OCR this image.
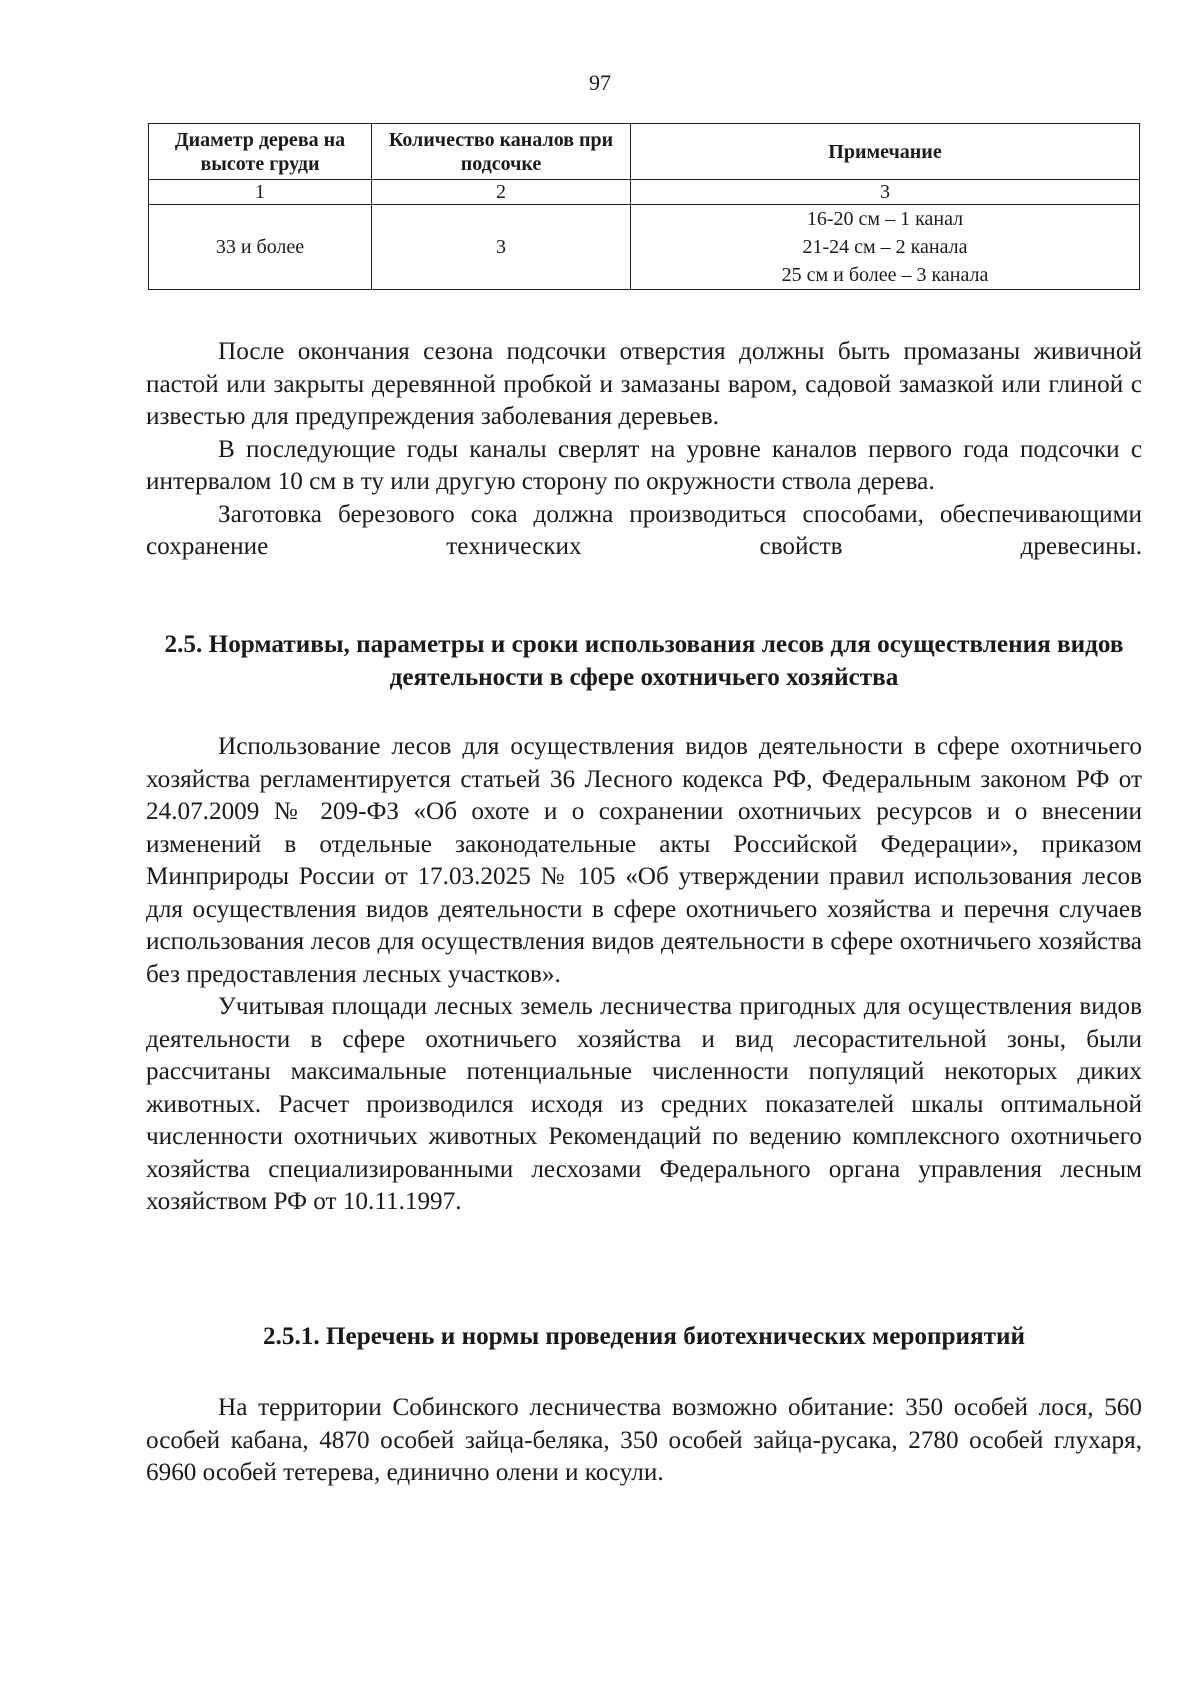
97
Диаметр дерева на высоте груди	Количество каналов при подсочке	Примечание
1	2	3
33 и более	3	16-20 см – 1 канал
21-24 см – 2 канала
25 см и более – 3 канала

После окончания сезона подсочки отверстия должны быть промазаны живичной пастой или закрыты деревянной пробкой и замазаны варом, садовой замазкой или глиной с известью для предупреждения заболевания деревьев.

В последующие годы каналы сверлят на уровне каналов первого года подсочки с интервалом 10 см в ту или другую сторону по окружности ствола дерева.

Заготовка березового сока должна производиться способами, обеспечивающими сохранение технических свойств древесины.

2.5. Нормативы, параметры и сроки использования лесов для осуществления видов деятельности в сфере охотничьего хозяйства

Использование лесов для осуществления видов деятельности в сфере охотничьего хозяйства регламентируется статьей 36 Лесного кодекса РФ, Федеральным законом РФ от 24.07.2009 № 209-ФЗ «Об охоте и о сохранении охотничьих ресурсов и о внесении изменений в отдельные законодательные акты Российской Федерации», приказом Минприроды России от 17.03.2025 № 105 «Об утверждении правил использования лесов для осуществления видов деятельности в сфере охотничьего хозяйства и перечня случаев использования лесов для осуществления видов деятельности в сфере охотничьего хозяйства без предоставления лесных участков».

Учитывая площади лесных земель лесничества пригодных для осуществления видов деятельности в сфере охотничьего хозяйства и вид лесорастительной зоны, были рассчитаны максимальные потенциальные численности популяций некоторых диких животных. Расчет производился исходя из средних показателей шкалы оптимальной численности охотничьих животных Рекомендаций по ведению комплексного охотничьего хозяйства специализированными лесхозами Федерального органа управления лесным хозяйством РФ от 10.11.1997.

2.5.1. Перечень и нормы проведения биотехнических мероприятий

На территории Собинского лесничества возможно обитание: 350 особей лося, 560 особей кабана, 4870 особей зайца-беляка, 350 особей зайца-русака, 2780 особей глухаря, 6960 особей тетерева, единично олени и косули.
